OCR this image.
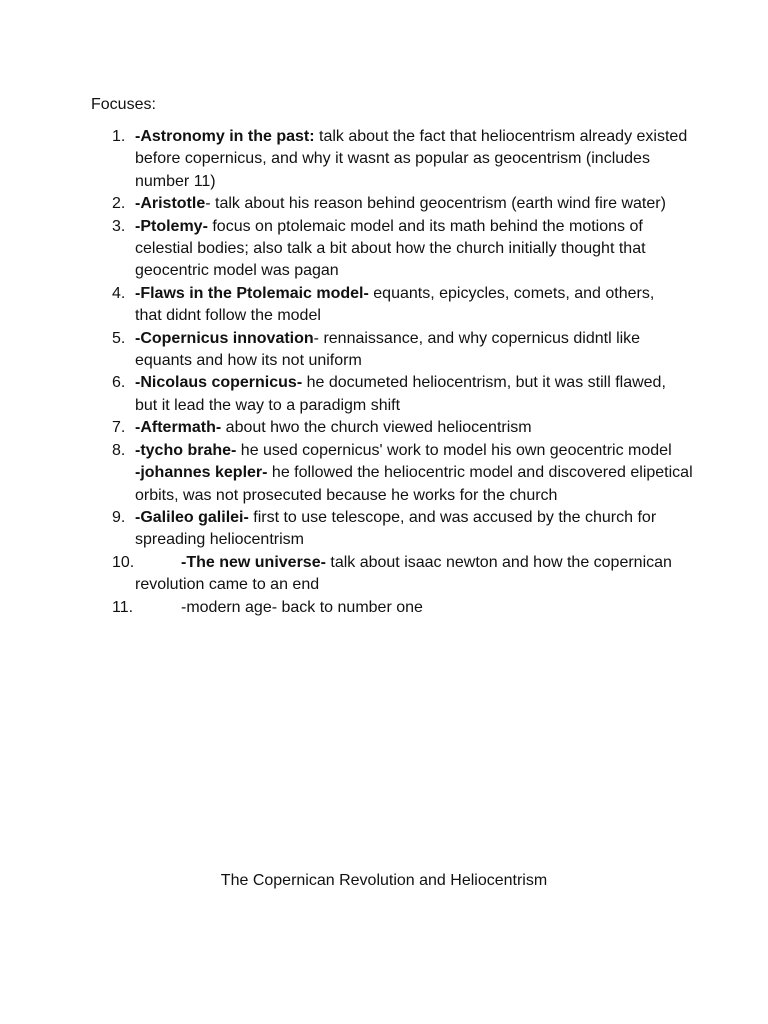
Focuses:
1. -Astronomy in the past: talk about the fact that heliocentrism already existed before copernicus, and why it wasnt as popular as geocentrism (includes number 11)
2. -Aristotle- talk about his reason behind geocentrism (earth wind fire water)
3. -Ptolemy- focus on ptolemaic model and its math behind the motions of celestial bodies; also talk a bit about how the church initially thought that geocentric model was pagan
4. -Flaws in the Ptolemaic model- equants, epicycles, comets, and others, that didnt follow the model
5. -Copernicus innovation- rennaissance, and why copernicus didntl like equants and how its not uniform
6. -Nicolaus copernicus- he documeted heliocentrism, but it was still flawed, but it lead the way to a paradigm shift
7. -Aftermath- about hwo the church viewed heliocentrism
8. -tycho brahe- he used copernicus' work to model his own geocentric model
-johannes kepler- he followed the heliocentric model and discovered elipetical orbits, was not prosecuted because he works for the church
9. -Galileo galilei- first to use telescope, and was accused by the church for spreading heliocentrism
10.	-The new universe- talk about isaac newton and how the copernican revolution came to an end
11.	-modern age- back to number one
The Copernican Revolution and Heliocentrism
